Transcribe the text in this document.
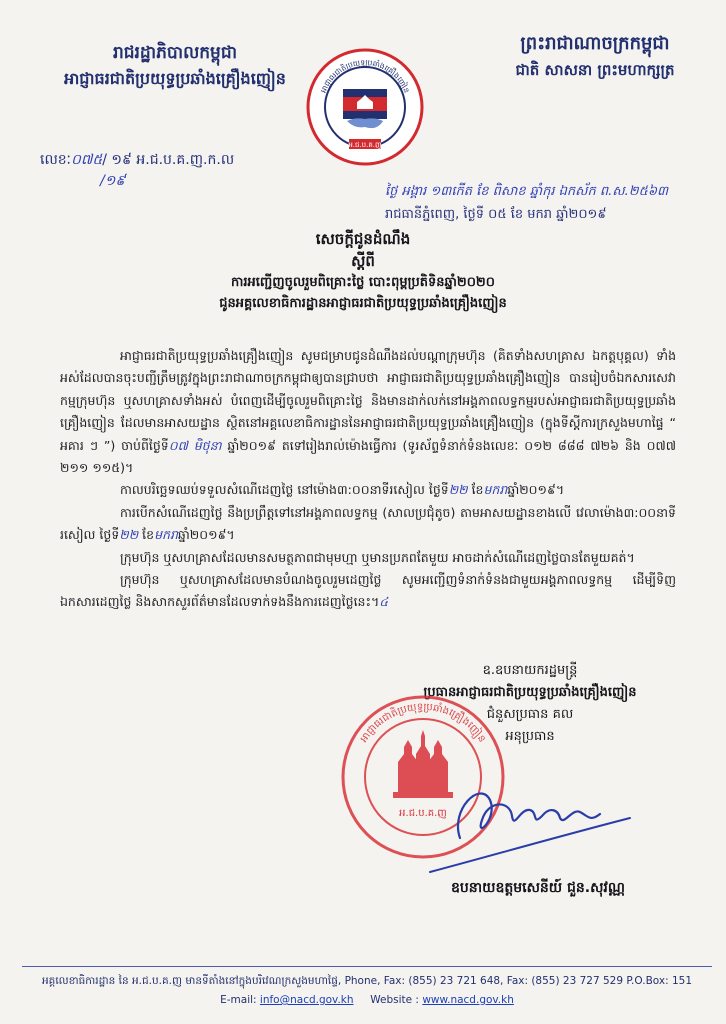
រាជរដ្ឋាភិបាលកម្ពុជា
អាជ្ញាធរជាតិប្រយុទ្ធប្រឆាំងគ្រឿងញៀន
ព្រះរាជាណាចក្រកម្ពុជា
ជាតិ សាសនា ព្រះមហាក្សត្រ
អាជ្ញាធរជាតិប្រយុទ្ធប្រឆាំងគ្រឿងញៀន
អ.ជ.ប.គ.ញ
លេខៈ០៧៥/ ១៩ អ.ជ.ប.គ.ញ.ក.ល
/១៩
ថ្ងៃ អង្គារ ១៣កើត ខែ ពិសាខ ឆ្នាំកុរ ឯកស័ក ព.ស.២៥៦៣
រាជធានីភ្នំពេញ, ថ្ងៃទី ០៥ ខែ មករា ឆ្នាំ២០១៩
សេចក្តីជូនដំណឹង
ស្តីពី
ការអញ្ជើញចូលរួមពិគ្រោះថ្លៃ បោះពុម្ពប្រតិទិនឆ្នាំ២០២០
ជូនអគ្គលេខាធិការដ្ឋានអាជ្ញាធរជាតិប្រយុទ្ធប្រឆាំងគ្រឿងញៀន

អាជ្ញាធរជាតិប្រយុទ្ធប្រឆាំងគ្រឿងញៀន សូមជម្រាបជូនដំណឹងដល់បណ្តាក្រុមហ៊ុន (គិតទាំងសហគ្រាស ឯកត្តបុគ្គល) ទាំងអស់ដែលបានចុះបញ្ជីត្រឹមត្រូវក្នុងព្រះរាជាណាចក្រកម្ពុជាឲ្យបានជ្រាបថា អាជ្ញាធរជាតិប្រយុទ្ធប្រឆាំងគ្រឿងញៀន បានរៀបចំឯកសារសេវាកម្មក្រុមហ៊ុន ឬសហគ្រាសទាំងអស់ បំពេញដើម្បីចូលរួមពិគ្រោះថ្លៃ និងមានដាក់លក់នៅអង្គភាពលទ្ធកម្មរបស់អាជ្ញាធរជាតិប្រយុទ្ធប្រឆាំងគ្រឿងញៀន ដែលមានអាសយដ្ឋាន ស្ថិតនៅអគ្គលេខាធិការដ្ឋាននៃអាជ្ញាធរជាតិប្រយុទ្ធប្រឆាំងគ្រឿងញៀន (ក្នុងទីស្តីការក្រសួងមហាផ្ទៃ “ អគារ ៗ ”) ចាប់ពីថ្ងៃទី០៧ មិថុនា ឆ្នាំ២០១៩ តទៅរៀងរាល់ម៉ោងធ្វើការ (ទូរស័ព្ទទំនាក់ទំនងលេខៈ ០១២ ៨៨៨ ៧២៦ និង ០៧៧ ២១១ ១១៥)។

កាលបរិច្ឆេទឈប់ទទួលសំណើដេញថ្លៃ នៅម៉ោង៣:០០នាទីរសៀល ថ្ងៃទី២២ ខែមករាឆ្នាំ២០១៩។

ការបើកសំណើដេញថ្លៃ នឹងប្រព្រឹត្តទៅនៅអង្គភាពលទ្ធកម្ម (សាលប្រជុំតូច) តាមអាសយដ្ឋានខាងលើ វេលាម៉ោង៣:០០នាទីរសៀល ថ្ងៃទី២២ ខែមករាឆ្នាំ២០១៩។

ក្រុមហ៊ុន ឬសហគ្រាសដែលមានសមត្ថភាពជាមុមហ្មា ឬមានប្រភពតែមួយ អាចដាក់សំណើដេញថ្លៃបានតែមួយគត់។

ក្រុមហ៊ុន ឬសហគ្រាសដែលមានបំណងចូលរួមដេញថ្លៃ សូមអញ្ជើញទំនាក់ទំនងជាមួយអង្គភាពលទ្ធកម្ម ដើម្បីទិញឯកសារដេញថ្លៃ និងសាកសួរព័ត៌មានដែលទាក់ទងនឹងការដេញថ្លៃនេះ។៤

ឧ.ឧបនាយករដ្ឋមន្ត្រី
ប្រធានអាជ្ញាធរជាតិប្រយុទ្ធប្រឆាំងគ្រឿងញៀន
ជំនួសប្រធាន គល
អនុប្រធាន
អាជ្ញាធរជាតិប្រយុទ្ធប្រឆាំងគ្រឿងញៀន
អ.ជ.ប.គ.ញ
ឧបនាយឧត្តមសេនីយ៍ ជួន.សុវណ្ណ
អគ្គលេខាធិការដ្ឋាន នៃ អ.ជ.ប.គ.ញ មានទីតាំងនៅក្នុងបរិវេណក្រសួងមហាផ្ទៃ, Phone, Fax: (855) 23 721 648, Fax: (855) 23 727 529 P.O.Box: 151
E-mail: info@nacd.gov.kh Website : www.nacd.gov.kh
